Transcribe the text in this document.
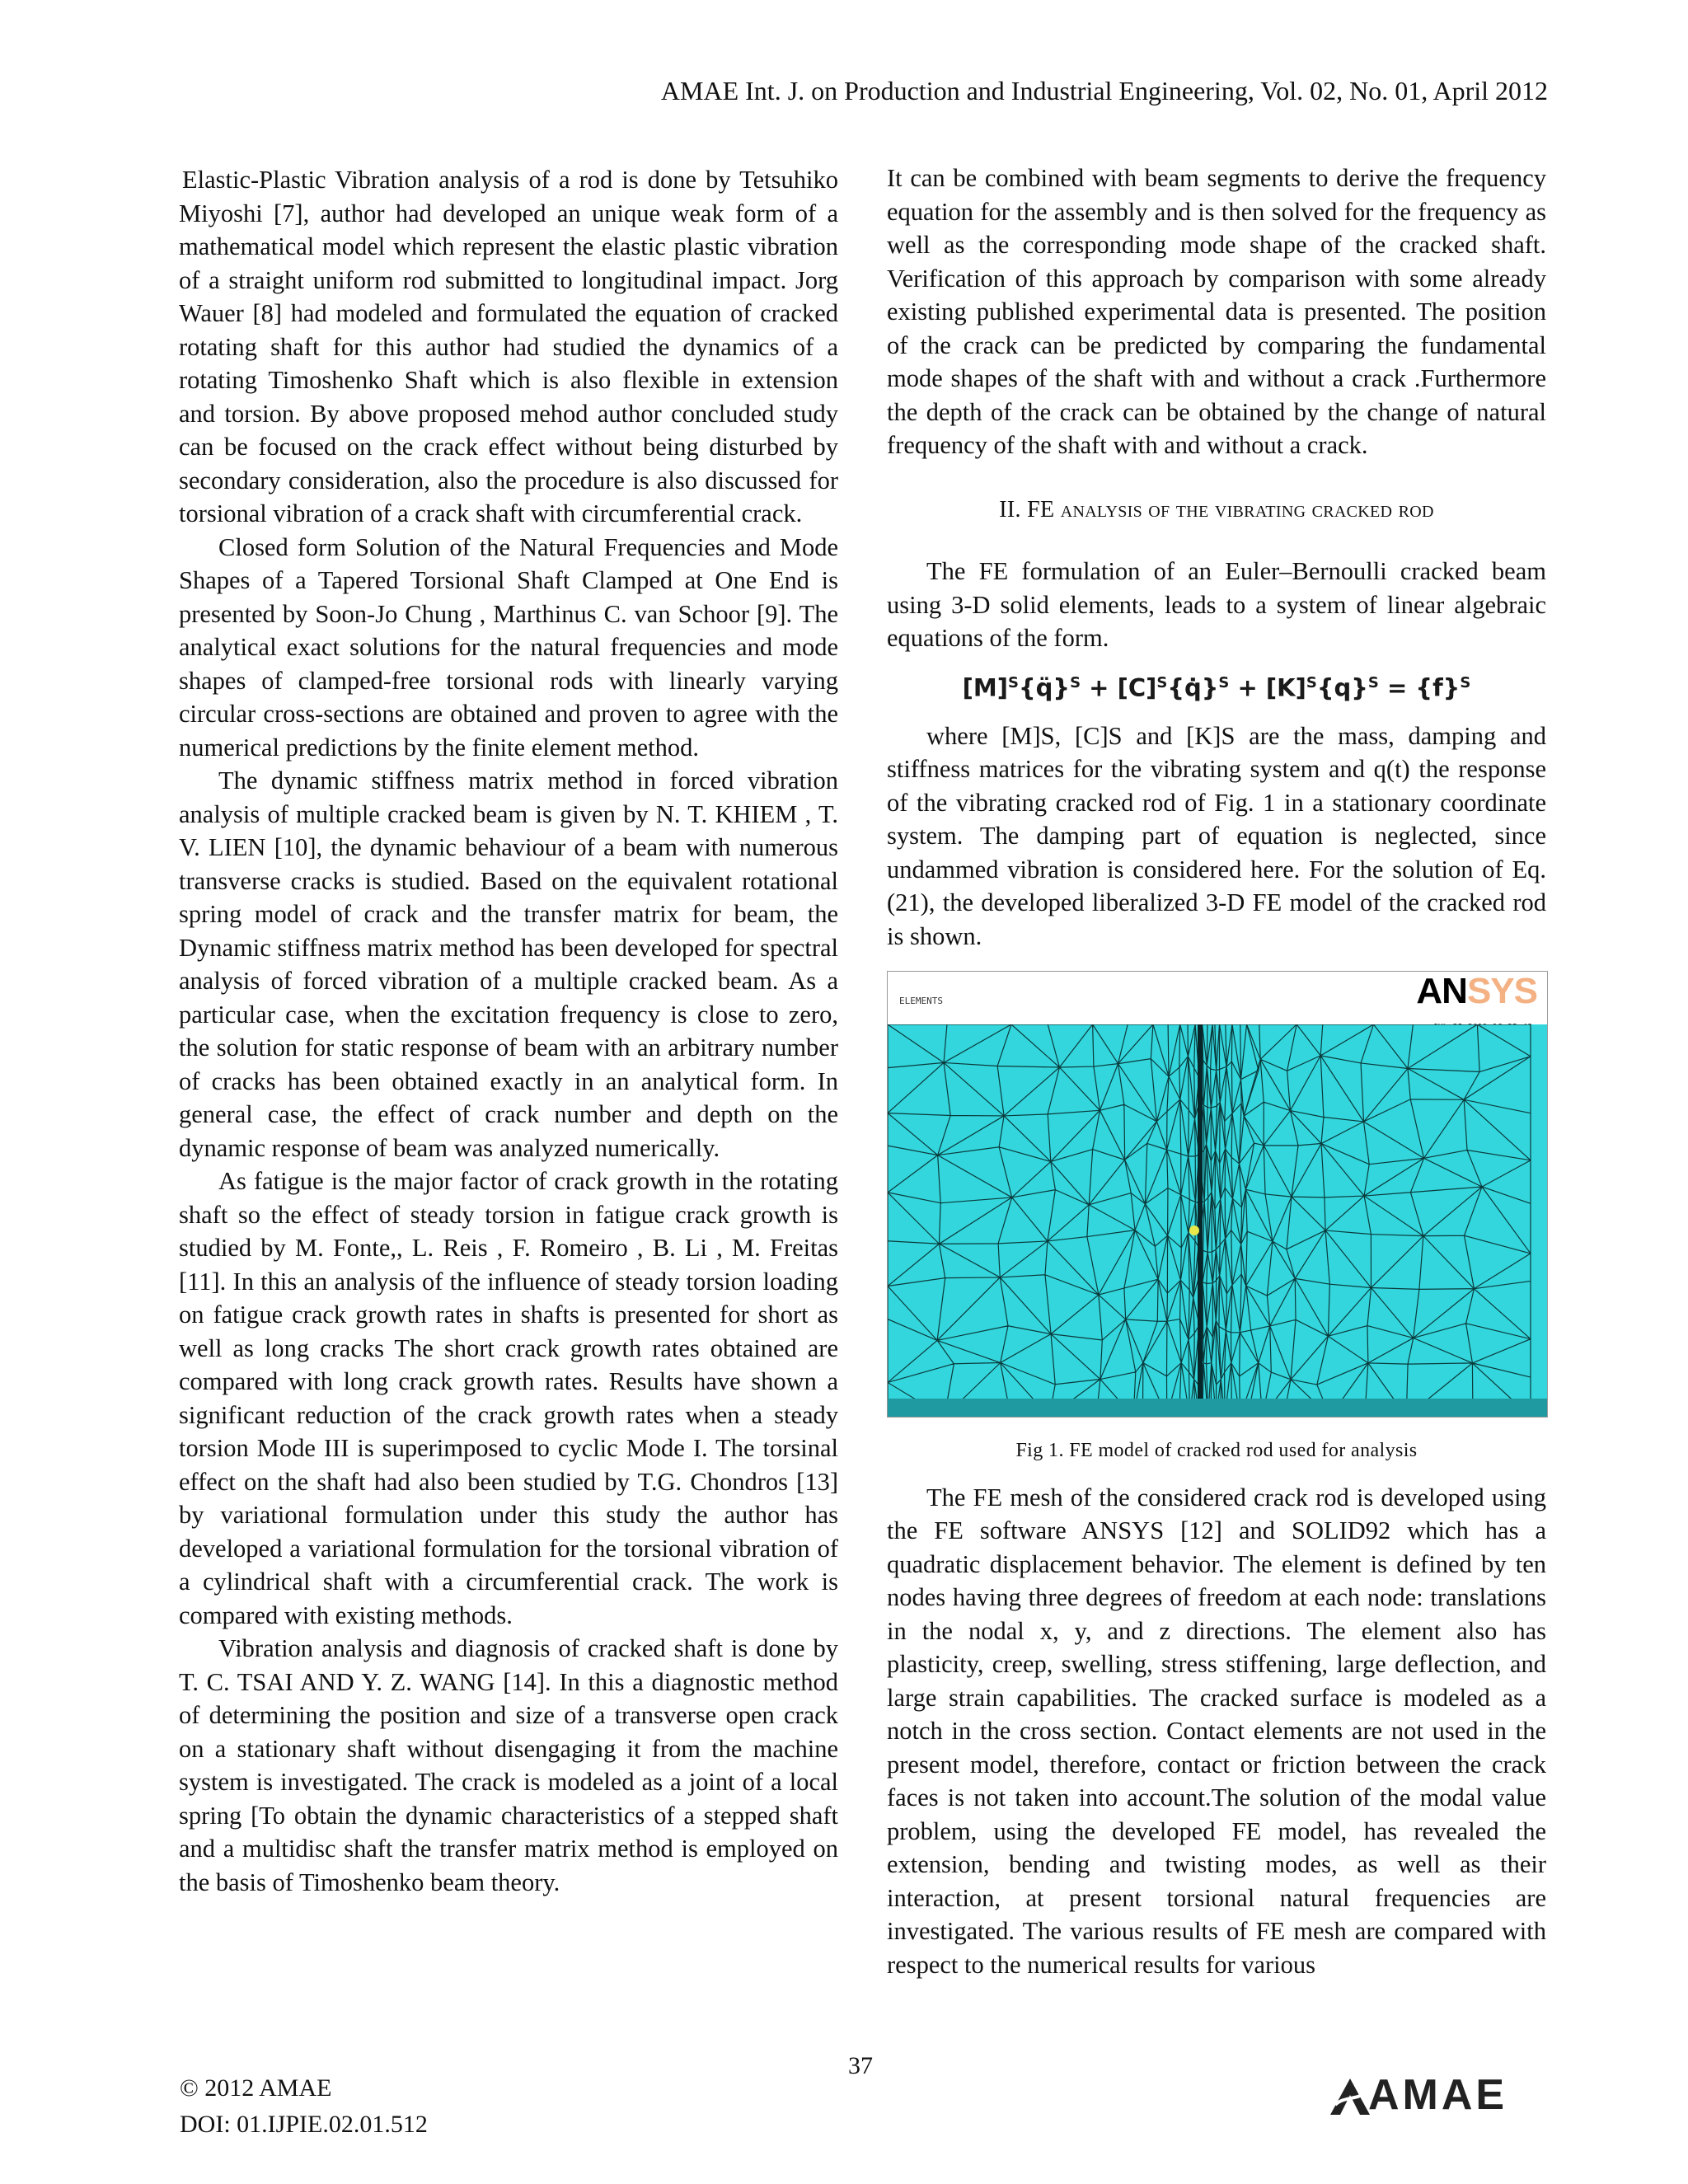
AMAE Int. J. on Production and Industrial Engineering, Vol. 02, No. 01, April 2012

Elastic-Plastic Vibration analysis of a rod is done by Tetsuhiko Miyoshi [7], author had developed an unique weak form of a mathematical model which represent the elastic plastic vibration of a straight uniform rod submitted to longitudinal impact. Jorg Wauer [8] had modeled and formulated the equation of cracked rotating shaft for this author had studied the dynamics of a rotating Timoshenko Shaft which is also flexible in extension and torsion. By above proposed mehod author concluded study can be focused on the crack effect without being disturbed by secondary consideration, also the procedure is also discussed for torsional vibration of a crack shaft with circumferential crack.

Closed form Solution of the Natural Frequencies and Mode Shapes of a Tapered Torsional Shaft Clamped at One End is presented by Soon-Jo Chung , Marthinus C. van Schoor [9]. The analytical exact solutions for the natural frequencies and mode shapes of clamped-free torsional rods with linearly varying circular cross-sections are obtained and proven to agree with the numerical predictions by the finite element method.

The dynamic stiffness matrix method in forced vibration analysis of multiple cracked beam is given by N. T. KHIEM , T. V. LIEN [10], the dynamic behaviour of a beam with numerous transverse cracks is studied. Based on the equivalent rotational spring model of crack and the transfer matrix for beam, the Dynamic stiffness matrix method has been developed for spectral analysis of forced vibration of a multiple cracked beam. As a particular case, when the excitation frequency is close to zero, the solution for static response of beam with an arbitrary number of cracks has been obtained exactly in an analytical form. In general case, the effect of crack number and depth on the dynamic response of beam was analyzed numerically.

As fatigue is the major factor of crack growth in the rotating shaft so the effect of steady torsion in fatigue crack growth is studied by M. Fonte,, L. Reis , F. Romeiro , B. Li , M. Freitas [11]. In this an analysis of the influence of steady torsion loading on fatigue crack growth rates in shafts is presented for short as well as long cracks The short crack growth rates obtained are compared with long crack growth rates. Results have shown a significant reduction of the crack growth rates when a steady torsion Mode III is superimposed to cyclic Mode I. The torsinal effect on the shaft had also been studied by T.G. Chondros [13] by variational formulation under this study the author has developed a variational formulation for the torsional vibration of a cylindrical shaft with a circumferential crack. The work is compared with existing methods.

Vibration analysis and diagnosis of cracked shaft is done by T. C. TSAI AND Y. Z. WANG [14]. In this a diagnostic method of determining the position and size of a transverse open crack on a stationary shaft without disengaging it from the machine system is investigated. The crack is modeled as a joint of a local spring [To obtain the dynamic characteristics of a stepped shaft and a multidisc shaft the transfer matrix method is employed on the basis of Timoshenko beam theory.

It can be combined with beam segments to derive the frequency equation for the assembly and is then solved for the frequency as well as the corresponding mode shape of the cracked shaft. Verification of this approach by comparison with some already existing published experimental data is presented. The position of the crack can be predicted by comparing the fundamental mode shapes of the shaft with and without a crack .Furthermore the depth of the crack can be obtained by the change of natural frequency of the shaft with and without a crack.

II. FE analysis of the vibrating cracked rod

The FE formulation of an Euler–Bernoulli cracked beam using 3-D solid elements, leads to a system of linear algebraic equations of the form.

$[M]^S\{q̈\}^S$ + $[C]^S\{q̇\}^S + [K]^S\{q\}^S = \{f\}^S$

where [M]S, [C]S and [K]S are the mass, damping and stiffness matrices for the vibrating system and q(t) the response of the vibrating cracked rod of Fig. 1 in a stationary coordinate system. The damping part of equation is neglected, since undammed vibration is considered here. For the solution of Eq. (21), the developed liberalized 3-D FE model of the cracked rod is shown.

ELEMENTS	ANSYS
Fig 1. FE model of cracked rod used for analysis

The FE mesh of the considered crack rod is developed using the FE software ANSYS [12] and SOLID92 which has a quadratic displacement behavior. The element is defined by ten nodes having three degrees of freedom at each node: translations in the nodal x, y, and z directions. The element also has plasticity, creep, swelling, stress stiffening, large deflection, and large strain capabilities. The cracked surface is modeled as a notch in the cross section. Contact elements are not used in the present model, therefore, contact or friction between the crack faces is not taken into account.The solution of the modal value problem, using the developed FE model, has revealed the extension, bending and twisting modes, as well as their interaction, at present torsional natural frequencies are investigated. The various results of FE mesh are compared with respect to the numerical results for various

37
© 2012 AMAE
DOI: 01.IJPIE.02.01.512
AMAE
